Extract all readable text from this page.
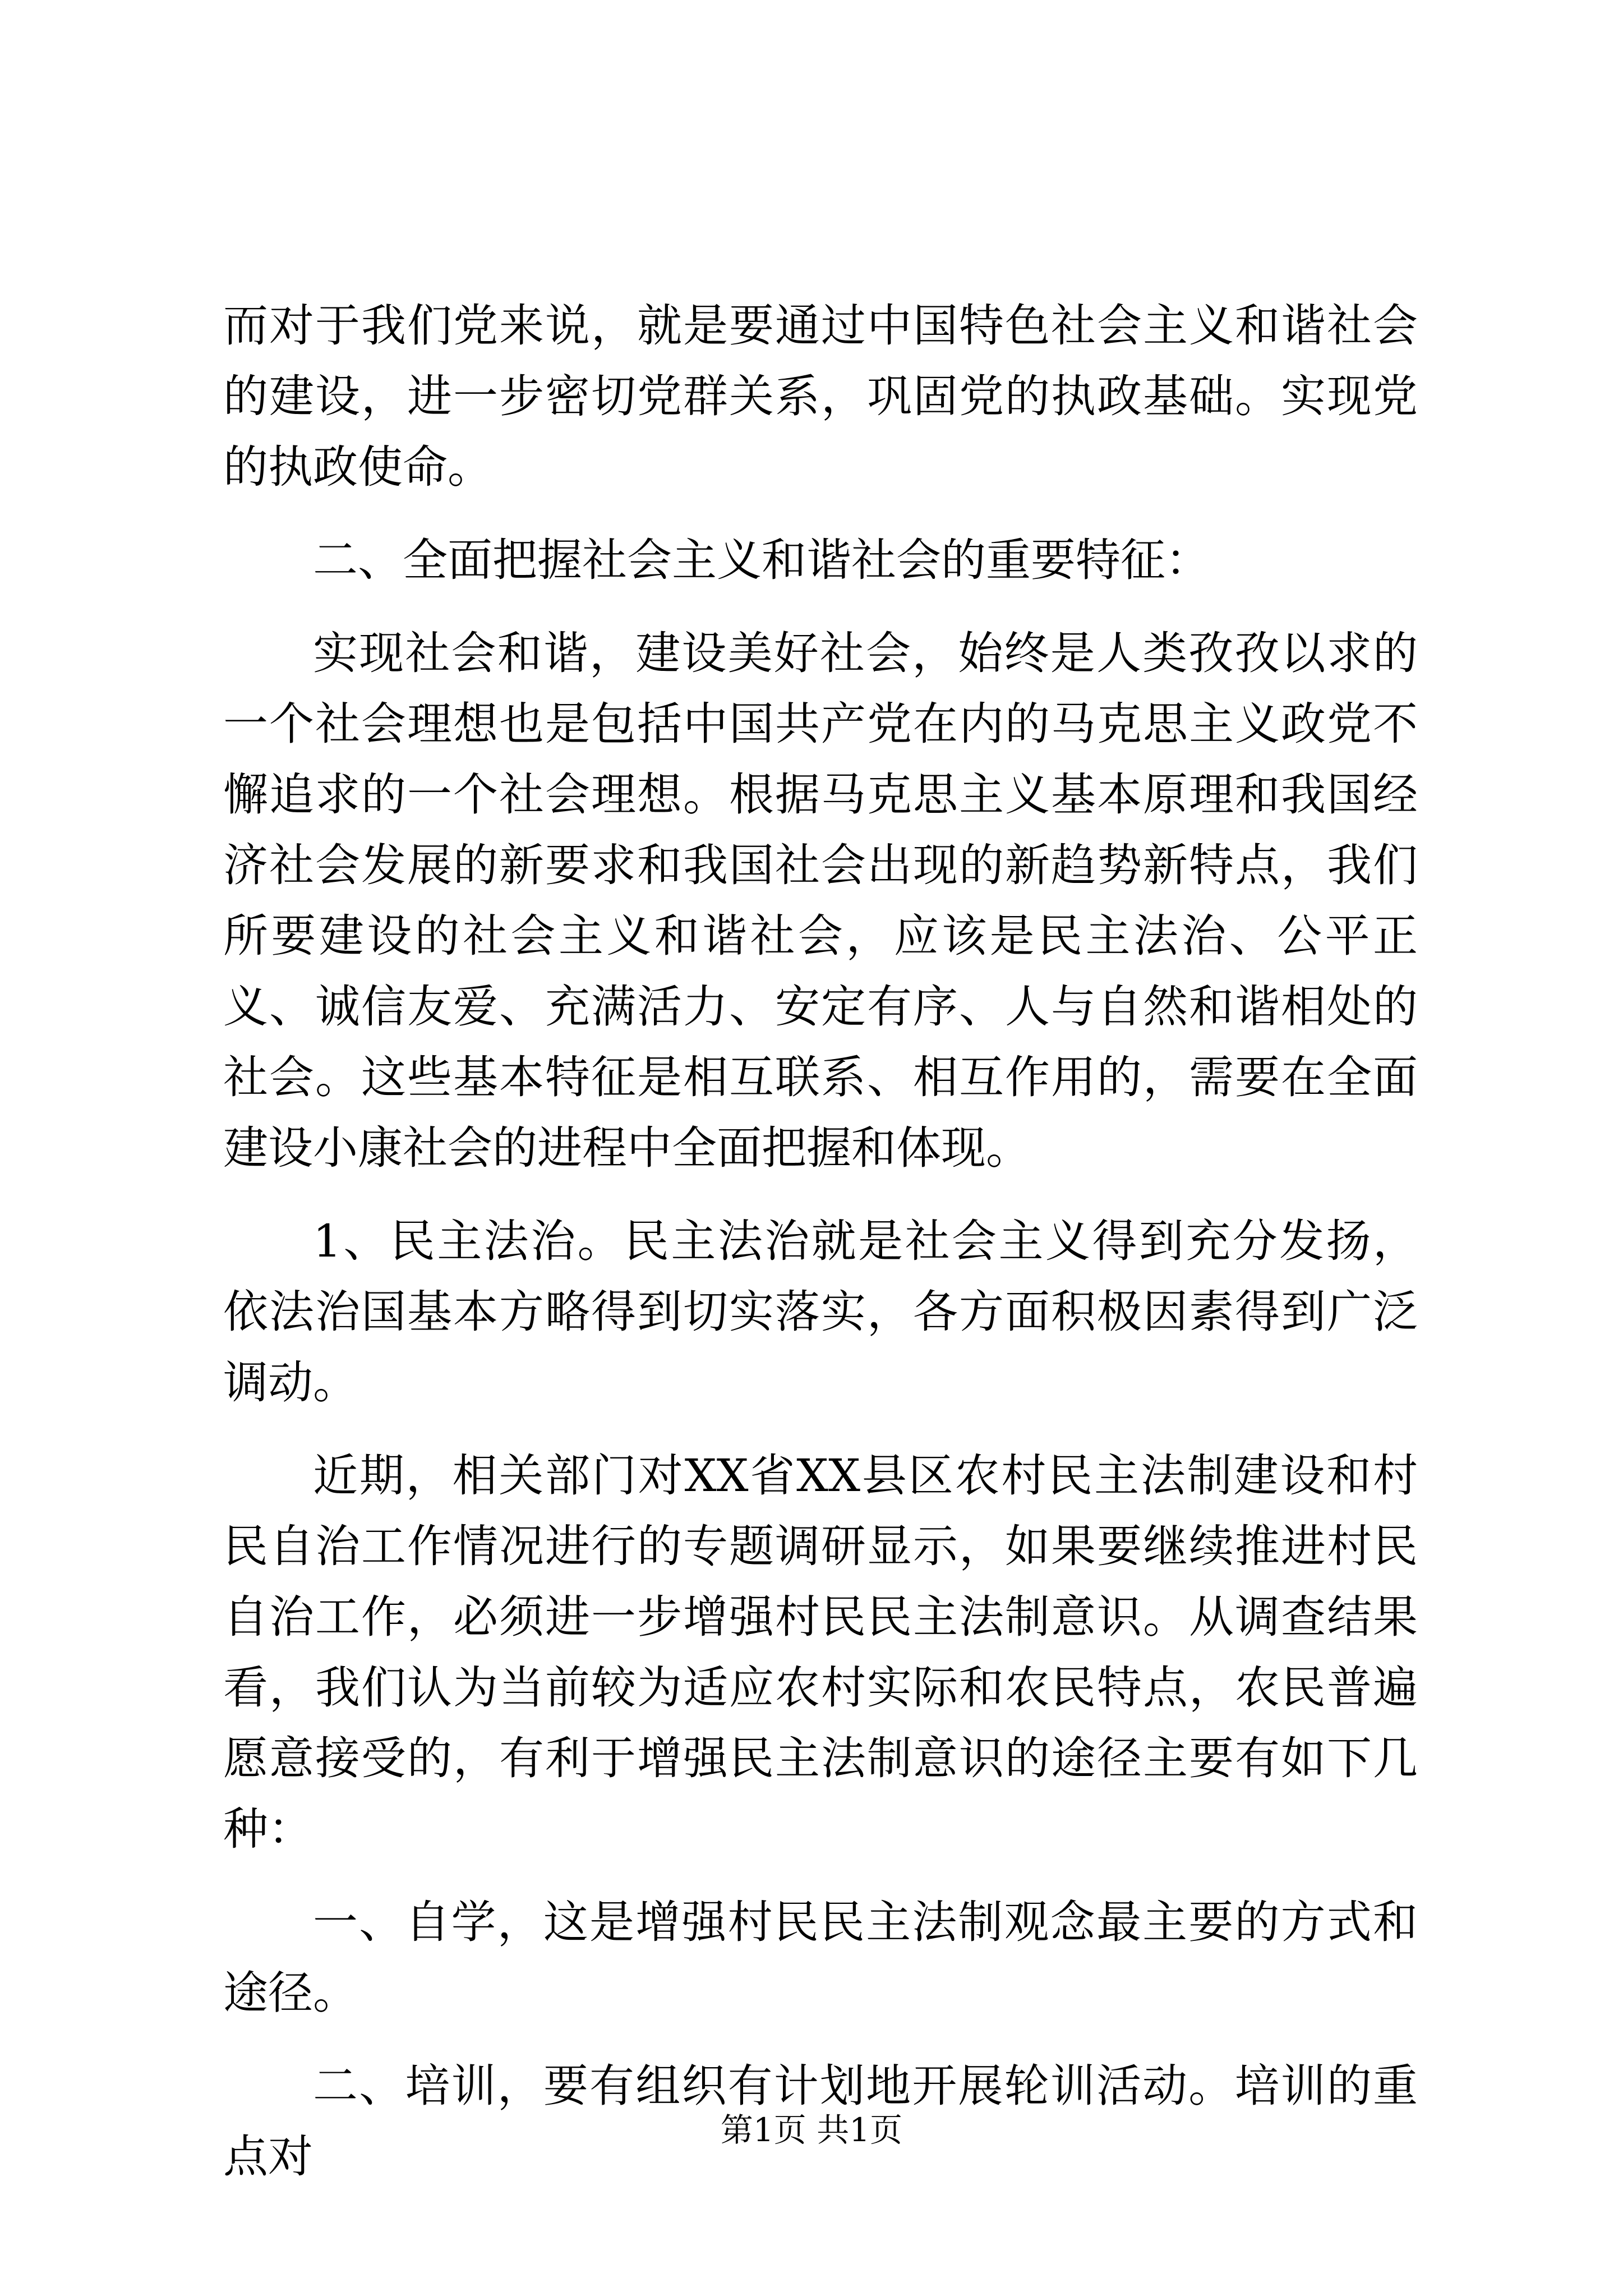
而对于我们党来说，就是要通过中国特色社会主义和谐社会的建设，进一步密切党群关系，巩固党的执政基础。实现党的执政使命。

二、全面把握社会主义和谐社会的重要特征：

实现社会和谐，建设美好社会，始终是人类孜孜以求的一个社会理想也是包括中国共产党在内的马克思主义政党不懈追求的一个社会理想。根据马克思主义基本原理和我国经济社会发展的新要求和我国社会出现的新趋势新特点，我们所要建设的社会主义和谐社会，应该是民主法治、公平正义、诚信友爱、充满活力、安定有序、人与自然和谐相处的社会。这些基本特征是相互联系、相互作用的，需要在全面建设小康社会的进程中全面把握和体现。

1、民主法治。民主法治就是社会主义得到充分发扬，依法治国基本方略得到切实落实，各方面积极因素得到广泛调动。

近期，相关部门对XX省XX县区农村民主法制建设和村民自治工作情况进行的专题调研显示，如果要继续推进村民自治工作，必须进一步增强村民民主法制意识。从调查结果看，我们认为当前较为适应农村实际和农民特点，农民普遍愿意接受的，有利于增强民主法制意识的途径主要有如下几种：

一、自学，这是增强村民民主法制观念最主要的方式和途径。

二、培训，要有组织有计划地开展轮训活动。培训的重点对

第1页 共1页
